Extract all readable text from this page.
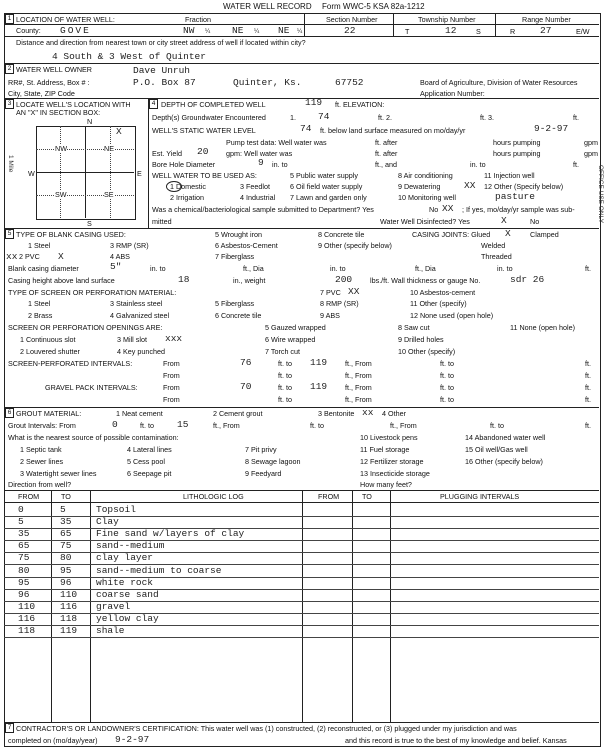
WATER WELL RECORD Form WWC-5 KSA 82a-1212
1 LOCATION OF WATER WELL:
County: GOVE
Fraction
NW ¼ NE ¼ NE ¼
Section Number
22
Township Number
T	12	S
Range Number
R	27	E/W
Distance and direction from nearest town or city street address of well if located within city?
4 South & 3 West of Quinter
2 WATER WELL OWNER	Dave Unruh
RR#, St. Address, Box # :	P.O. Box 87	Quinter, Ks.	67752	Board of Agriculture, Division of Water Resources
City, State, ZIP Code	Application Number:
3 LOCATE WELL'S LOCATION WITH
AN "X" IN SECTION BOX:
N
S
W	E
NW	NE
SW	SE
X
1 Mile
4 DEPTH OF COMPLETED WELL	119 ft. ELEVATION:
Depth(s) Groundwater Encountered	1. 74	ft. 2.	ft. 3.	ft.
WELL'S STATIC WATER LEVEL	74 ft. below land surface measured on mo/day/yr	9-2-97
Pump test data: Well water was	ft. after	hours pumping	gpm
Est. Yield 20 gpm: Well water was	ft. after	hours pumping	gpm
Bore Hole Diameter	9 in. to	ft., and	in. to	ft.
WELL WATER TO BE USED AS:	5 Public water supply	8 Air conditioning	11 Injection well
1 Domestic	3 Feedlot	6 Oil field water supply	9 Dewatering XX 12 Other (Specify below)
2 Irrigation	4 Industrial 7 Lawn and garden only	10 Monitoring well	pasture
Was a chemical/bacteriological sample submitted to Department? Yes	No XX ; If yes, mo/day/yr sample was sub-
mitted	Water Well Disinfected? Yes	X	No
5 TYPE OF BLANK CASING USED:	5 Wrought iron	8 Concrete tile	CASING JOINTS: Glued X	Clamped
1 Steel	3 RMP (SR)	6 Asbestos-Cement	9 Other (specify below)	Welded
xx 2 PVC X	4 ABS	7 Fiberglass	Threaded
Blank casing diameter	5"	in. to	ft., Dia	in. to	ft., Dia	in. to	ft.
Casing height above land surface	18	in., weight	200 lbs./ft. Wall thickness or gauge No.	sdr 26
TYPE OF SCREEN OR PERFORATION MATERIAL:	7 PVC XX	10 Asbestos-cement
1 Steel	3 Stainless steel	5 Fiberglass	8 RMP (SR)	11 Other (specify)
2 Brass	4 Galvanized steel	6 Concrete tile	9 ABS	12 None used (open hole)
SCREEN OR PERFORATION OPENINGS ARE:	5 Gauzed wrapped	8 Saw cut	11 None (open hole)
1 Continuous slot	3 Mill slot xxx	6 Wire wrapped	9 Drilled holes
2 Louvered shutter	4 Key punched	7 Torch cut	10 Other (specify)
SCREEN-PERFORATED INTERVALS:	From	76	ft. to 119 ft., From	ft. to	ft.
From	ft. to	ft., From	ft. to	ft.
GRAVEL PACK INTERVALS:	From	70	ft. to 119 ft., From	ft. to	ft.
From	ft. to	ft., From	ft. to	ft.
6 GROUT MATERIAL:	1 Neat cement	2 Cement grout	3 Bentonite xx 4 Other
Grout Intervals: From	0	ft. to 15	ft., From	ft. to	ft., From	ft. to	ft.
What is the nearest source of possible contamination:	10 Livestock pens	14 Abandoned water well
1 Septic tank	4 Lateral lines	7 Pit privy	11 Fuel storage	15 Oil well/Gas well
2 Sewer lines	5 Cess pool	8 Sewage lagoon	12 Fertilizer storage	16 Other (specify below)
3 Watertight sewer lines	6 Seepage pit	9 Feedyard	13 Insecticide storage
Direction from well?	How many feet?
FROM	TO	LITHOLOGIC LOG	FROM	TO	PLUGGING INTERVALS
0	5	Topsoil
5	35	Clay
35	65	Fine sand w/layers of clay
65	75	sand--medium
75	80	clay layer
80	95	sand--medium to coarse
95	96	white rock
96	110 coarse sand
110	116 gravel
116	118 yellow clay
118	119 shale
7
OFFICE USE ONLY
CONTRACTOR'S OR LANDOWNER'S CERTIFICATION: This water well was (1) constructed, (2) reconstructed, or (3) plugged under my jurisdiction and was
completed on (mo/day/year) 9-2-97	and this record is true to the best of my knowledge and belief. Kansas
